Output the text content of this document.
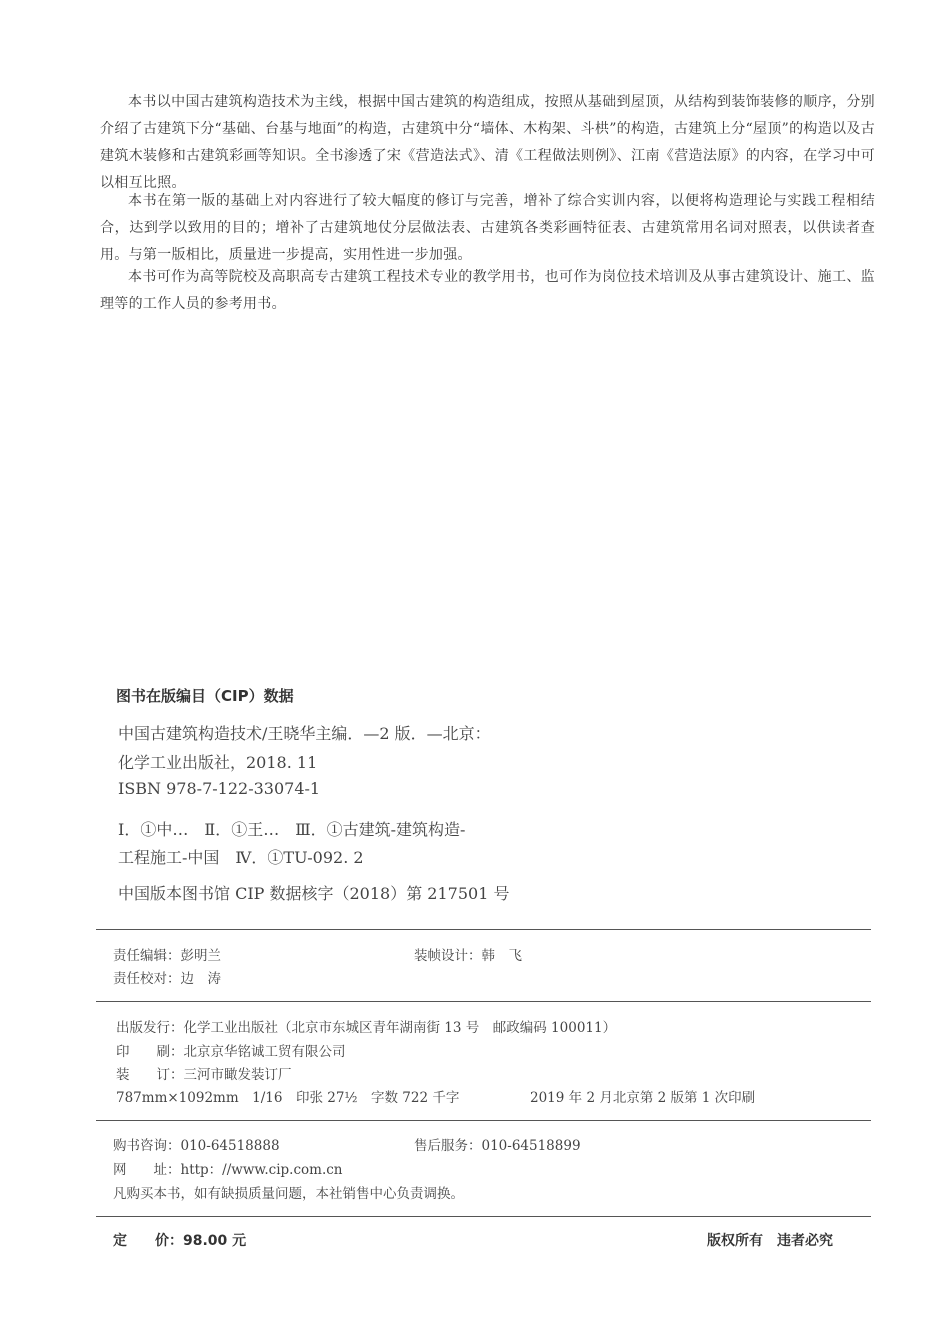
本书以中国古建筑构造技术为主线，根据中国古建筑的构造组成，按照从基础到屋顶，从结构到装饰装修的顺序，分别介绍了古建筑下分“基础、台基与地面”的构造，古建筑中分“墙体、木构架、斗栱”的构造，古建筑上分“屋顶”的构造以及古建筑木装修和古建筑彩画等知识。全书渗透了宋《营造法式》、清《工程做法则例》、江南《营造法原》的内容，在学习中可以相互比照。

本书在第一版的基础上对内容进行了较大幅度的修订与完善，增补了综合实训内容，以便将构造理论与实践工程相结合，达到学以致用的目的；增补了古建筑地仗分层做法表、古建筑各类彩画特征表、古建筑常用名词对照表，以供读者查用。与第一版相比，质量进一步提高，实用性进一步加强。

本书可作为高等院校及高职高专古建筑工程技术专业的教学用书，也可作为岗位技术培训及从事古建筑设计、施工、监理等的工作人员的参考用书。

图书在版编目（CIP）数据
中国古建筑构造技术/王晓华主编．—2 版．—北京：
化学工业出版社，2018. 11
ISBN 978-7-122-33074-1
Ⅰ．①中…　Ⅱ．①王…　Ⅲ．①古建筑-建筑构造-
工程施工-中国　Ⅳ．①TU-092. 2
中国版本图书馆 CIP 数据核字（2018）第 217501 号
责任编辑：彭明兰	装帧设计：韩　飞
责任校对：边　涛
出版发行：化学工业出版社（北京市东城区青年湖南街 13 号　邮政编码 100011）
印　　刷：北京京华铭诚工贸有限公司
装　　订：三河市瞰发装订厂
787mm×1092mm　1/16　印张 27½　字数 722 千字	2019 年 2 月北京第 2 版第 1 次印刷
购书咨询：010-64518888	售后服务：010-64518899
网　　址：http：//www.cip.com.cn
凡购买本书，如有缺损质量问题，本社销售中心负责调换。
定　　价：98.00 元	版权所有　违者必究
